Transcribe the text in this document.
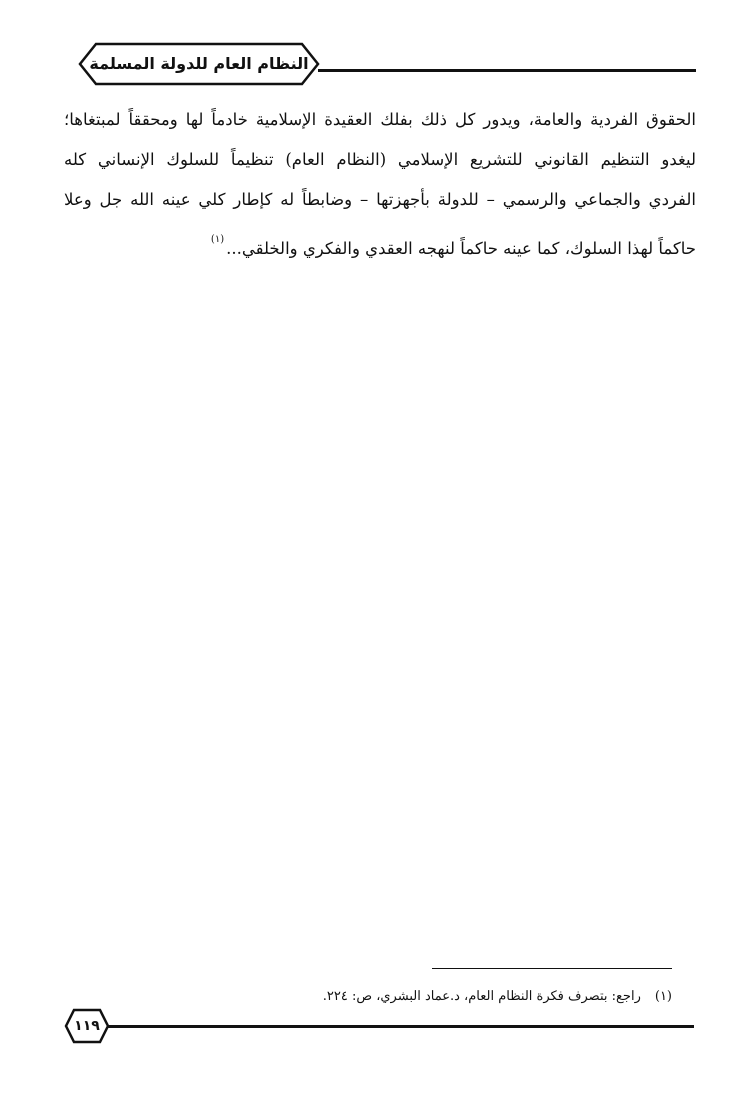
النظام العام للدولة المسلمة
الحقوق الفردية والعامة، ويدور كل ذلك بفلك العقيدة الإسلامية خادماً لها ومحققاً لمبتغاها؛
ليغدو التنظيم القانوني للتشريع الإسلامي (النظام العام) تنظيماً للسلوك الإنساني كله
الفردي والجماعي والرسمي – للدولة بأجهزتها – وضابطاً له كإطار كلي عينه الله جل وعلا
حاكماً لهذا السلوك، كما عينه حاكماً لنهجه العقدي والفكري والخلقي...$^{(١)}$
(١)راجع: بتصرف فكرة النظام العام، د.عماد البشري، ص: ٢٢٤.
١١٩
